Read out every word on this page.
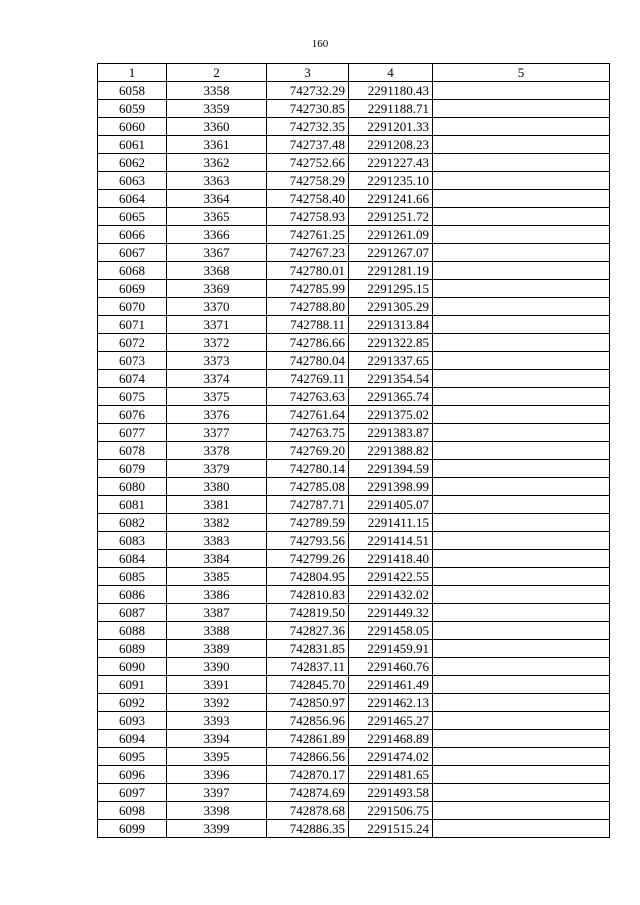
160
1	2	3	4	5
6058	3358	742732.29	2291180.43	
6059	3359	742730.85	2291188.71	
6060	3360	742732.35	2291201.33	
6061	3361	742737.48	2291208.23	
6062	3362	742752.66	2291227.43	
6063	3363	742758.29	2291235.10	
6064	3364	742758.40	2291241.66	
6065	3365	742758.93	2291251.72	
6066	3366	742761.25	2291261.09	
6067	3367	742767.23	2291267.07	
6068	3368	742780.01	2291281.19	
6069	3369	742785.99	2291295.15	
6070	3370	742788.80	2291305.29	
6071	3371	742788.11	2291313.84	
6072	3372	742786.66	2291322.85	
6073	3373	742780.04	2291337.65	
6074	3374	742769.11	2291354.54	
6075	3375	742763.63	2291365.74	
6076	3376	742761.64	2291375.02	
6077	3377	742763.75	2291383.87	
6078	3378	742769.20	2291388.82	
6079	3379	742780.14	2291394.59	
6080	3380	742785.08	2291398.99	
6081	3381	742787.71	2291405.07	
6082	3382	742789.59	2291411.15	
6083	3383	742793.56	2291414.51	
6084	3384	742799.26	2291418.40	
6085	3385	742804.95	2291422.55	
6086	3386	742810.83	2291432.02	
6087	3387	742819.50	2291449.32	
6088	3388	742827.36	2291458.05	
6089	3389	742831.85	2291459.91	
6090	3390	742837.11	2291460.76	
6091	3391	742845.70	2291461.49	
6092	3392	742850.97	2291462.13	
6093	3393	742856.96	2291465.27	
6094	3394	742861.89	2291468.89	
6095	3395	742866.56	2291474.02	
6096	3396	742870.17	2291481.65	
6097	3397	742874.69	2291493.58	
6098	3398	742878.68	2291506.75	
6099	3399	742886.35	2291515.24	
